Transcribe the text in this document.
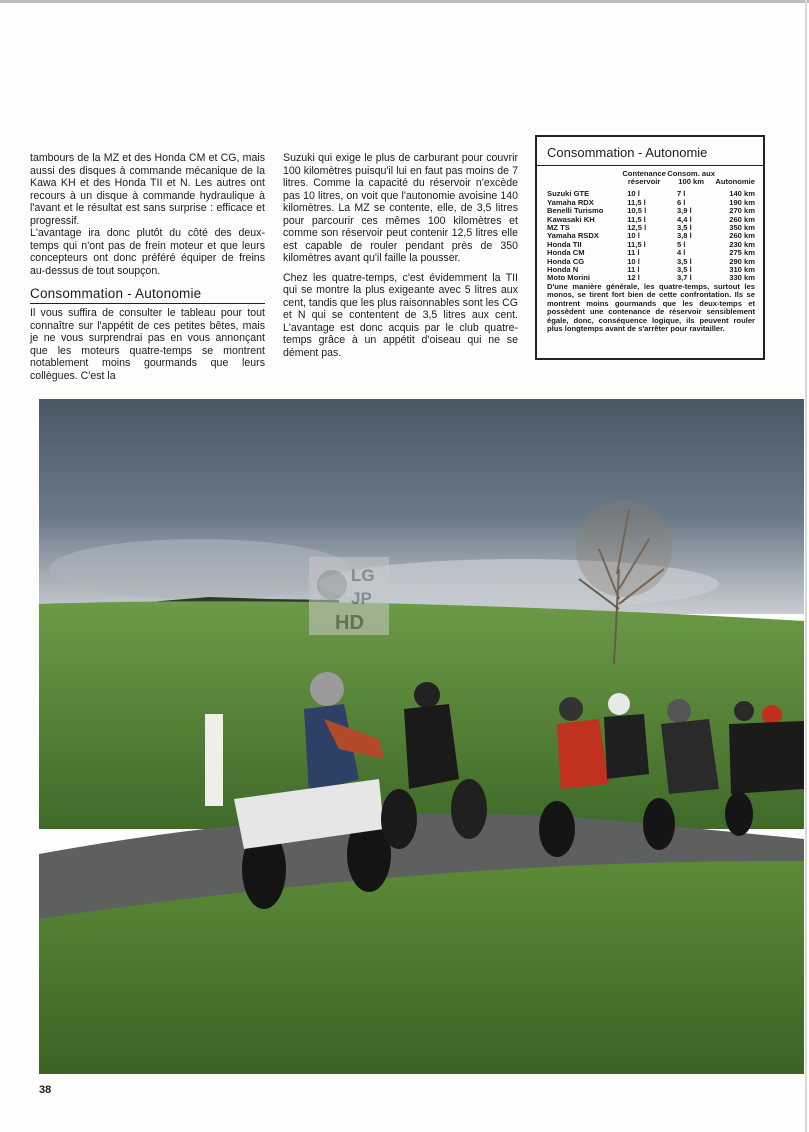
tambours de la MZ et des Honda CM et CG, mais aussi des disques à commande mécanique de la Kawa KH et des Honda TII et N. Les autres ont recours à un disque à commande hydraulique à l'avant et le résultat est sans surprise : efficace et progressif.

L'avantage ira donc plutôt du côté des deux-temps qui n'ont pas de frein moteur et que leurs concepteurs ont donc préféré équiper de freins au-dessus de tout soupçon.

Consommation - Autonomie

Il vous suffira de consulter le tableau pour tout connaître sur l'appétit de ces petites bêtes, mais je ne vous surprendrai pas en vous annonçant que les moteurs quatre-temps se montrent notablement moins gourmands que leurs collègues. C'est la

Suzuki qui exige le plus de carburant pour couvrir 100 kilomètres puisqu'il lui en faut pas moins de 7 litres. Comme la capacité du réservoir n'excède pas 10 litres, on voit que l'autonomie avoisine 140 kilomètres. La MZ se contente, elle, de 3,5 litres pour parcourir ces mêmes 100 kilomètres et comme son réservoir peut contenir 12,5 litres elle est capable de rouler pendant près de 350 kilomètres avant qu'il faille la pousser.

Chez les quatre-temps, c'est évidemment la TII qui se montre la plus exigeante avec 5 litres aux cent, tandis que les plus raisonnables sont les CG et N qui se contentent de 3,5 litres aux cent. L'avantage est donc acquis par le club quatre-temps grâce à un appétit d'oiseau qui ne se dément pas.

Consommation - Autonomie
	Contenance réservoir	Consom. aux 100 km	Autonomie
Suzuki GTE	10 l	7 l	140 km
Yamaha RDX	11,5 l	6 l	190 km
Benelli Turismo	10,5 l	3,9 l	270 km
Kawasaki KH	11,5 l	4,4 l	260 km
MZ TS	12,5 l	3,5 l	350 km
Yamaha RSDX	10 l	3,8 l	260 km
Honda TII	11,5 l	5 l	230 km
Honda CM	11 l	4 l	275 km
Honda CG	10 l	3,5 l	290 km
Honda N	11 l	3,5 l	310 km
Moto Morini	12 l	3,7 l	330 km
D'une manière générale, les quatre-temps, surtout les monos, se tirent fort bien de cette confrontation. Ils se montrent moins gourmands que les deux-temps et possèdent une contenance de réservoir sensiblement égale, donc, conséquence logique, ils peuvent rouler plus longtemps avant de s'arrêter pour ravitailler.
LG
JP
HD
38
